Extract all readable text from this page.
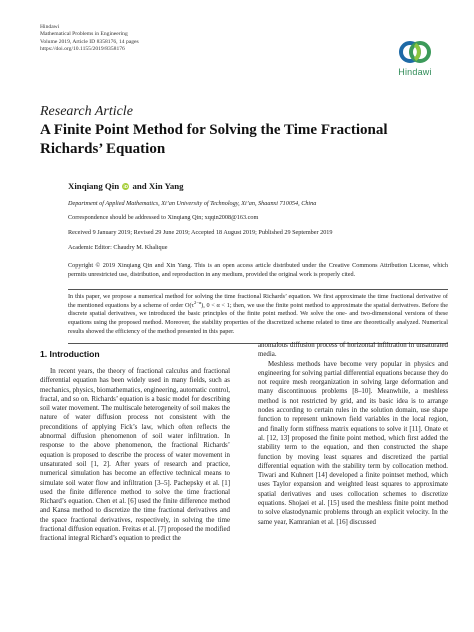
Hindawi
Mathematical Problems in Engineering
Volume 2019, Article ID 8358176, 14 pages
https://doi.org/10.1155/2019/8358176
Hindawi
Research Article
A Finite Point Method for Solving the Time Fractional Richards’ Equation
Xinqiang Qin iD and Xin Yang
Department of Applied Mathematics, Xi’an University of Technology, Xi’an, Shaanxi 710054, China
Correspondence should be addressed to Xinqiang Qin; xqqin2008@163.com
Received 9 January 2019; Revised 29 June 2019; Accepted 18 August 2019; Published 29 September 2019
Academic Editor: Chaudry M. Khalique
Copyright © 2019 Xinqiang Qin and Xin Yang. This is an open access article distributed under the Creative Commons Attribution License, which permits unrestricted use, distribution, and reproduction in any medium, provided the original work is properly cited.
In this paper, we propose a numerical method for solving the time fractional Richards’ equation. We first approximate the time fractional derivative of the mentioned equations by a scheme of order $O(\tau^{2-\alpha})$, 0 < α < 1; then, we use the finite point method to approximate the spatial derivatives. Before the discrete spatial derivatives, we introduced the basic principles of the finite point method. We solve the one- and two-dimensional versions of these equations using the proposed method. Moreover, the stability properties of the discretized scheme related to time are theoretically analyzed. Numerical results showed the efficiency of the method presented in this paper.
1. Introduction

In recent years, the theory of fractional calculus and fractional differential equation has been widely used in many fields, such as mechanics, physics, biomathematics, engineering, automatic control, fractal, and so on. Richards’ equation is a basic model for describing soil water movement. The multiscale heterogeneity of soil makes the nature of water diffusion process not consistent with the preconditions of applying Fick’s law, which often reflects the abnormal diffusion phenomenon of soil water infiltration. In response to the above phenomenon, the fractional Richards’ equation is proposed to describe the process of water movement in unsaturated soil [1, 2]. After years of research and practice, numerical simulation has become an effective technical means to simulate soil water flow and infiltration [3–5]. Pachepsky et al. [1] used the finite difference method to solve the time fractional Richard’s equation. Chen et al. [6] used the finite difference method and Kansa method to discretize the time fractional derivatives and the space fractional derivatives, respectively, in solving the time fractional diffusion equation. Freitas et al. [7] proposed the modified fractional integral Richard’s equation to predict the

anomalous diffusion process of horizontal infiltration in unsaturated media.

Meshless methods have become very popular in physics and engineering for solving partial differential equations because they do not require mesh reorganization in solving large deformation and many discontinuous problems [8–10]. Meanwhile, a meshless method is not restricted by grid, and its basic idea is to arrange nodes according to certain rules in the solution domain, use shape function to represent unknown field variables in the local region, and finally form stiffness matrix equations to solve it [11]. Onate et al. [12, 13] proposed the finite point method, which first added the stability term to the equation, and then constructed the shape function by moving least squares and discretized the partial differential equation with the stability term by collocation method. Tiwari and Kuhnert [14] developed a finite pointset method, which uses Taylor expansion and weighted least squares to approximate spatial derivatives and uses collocation schemes to discretize equations. Shojaei et al. [15] used the meshless finite point method to solve elastodynamic problems through an explicit velocity. In the same year, Kamranian et al. [16] discussed
